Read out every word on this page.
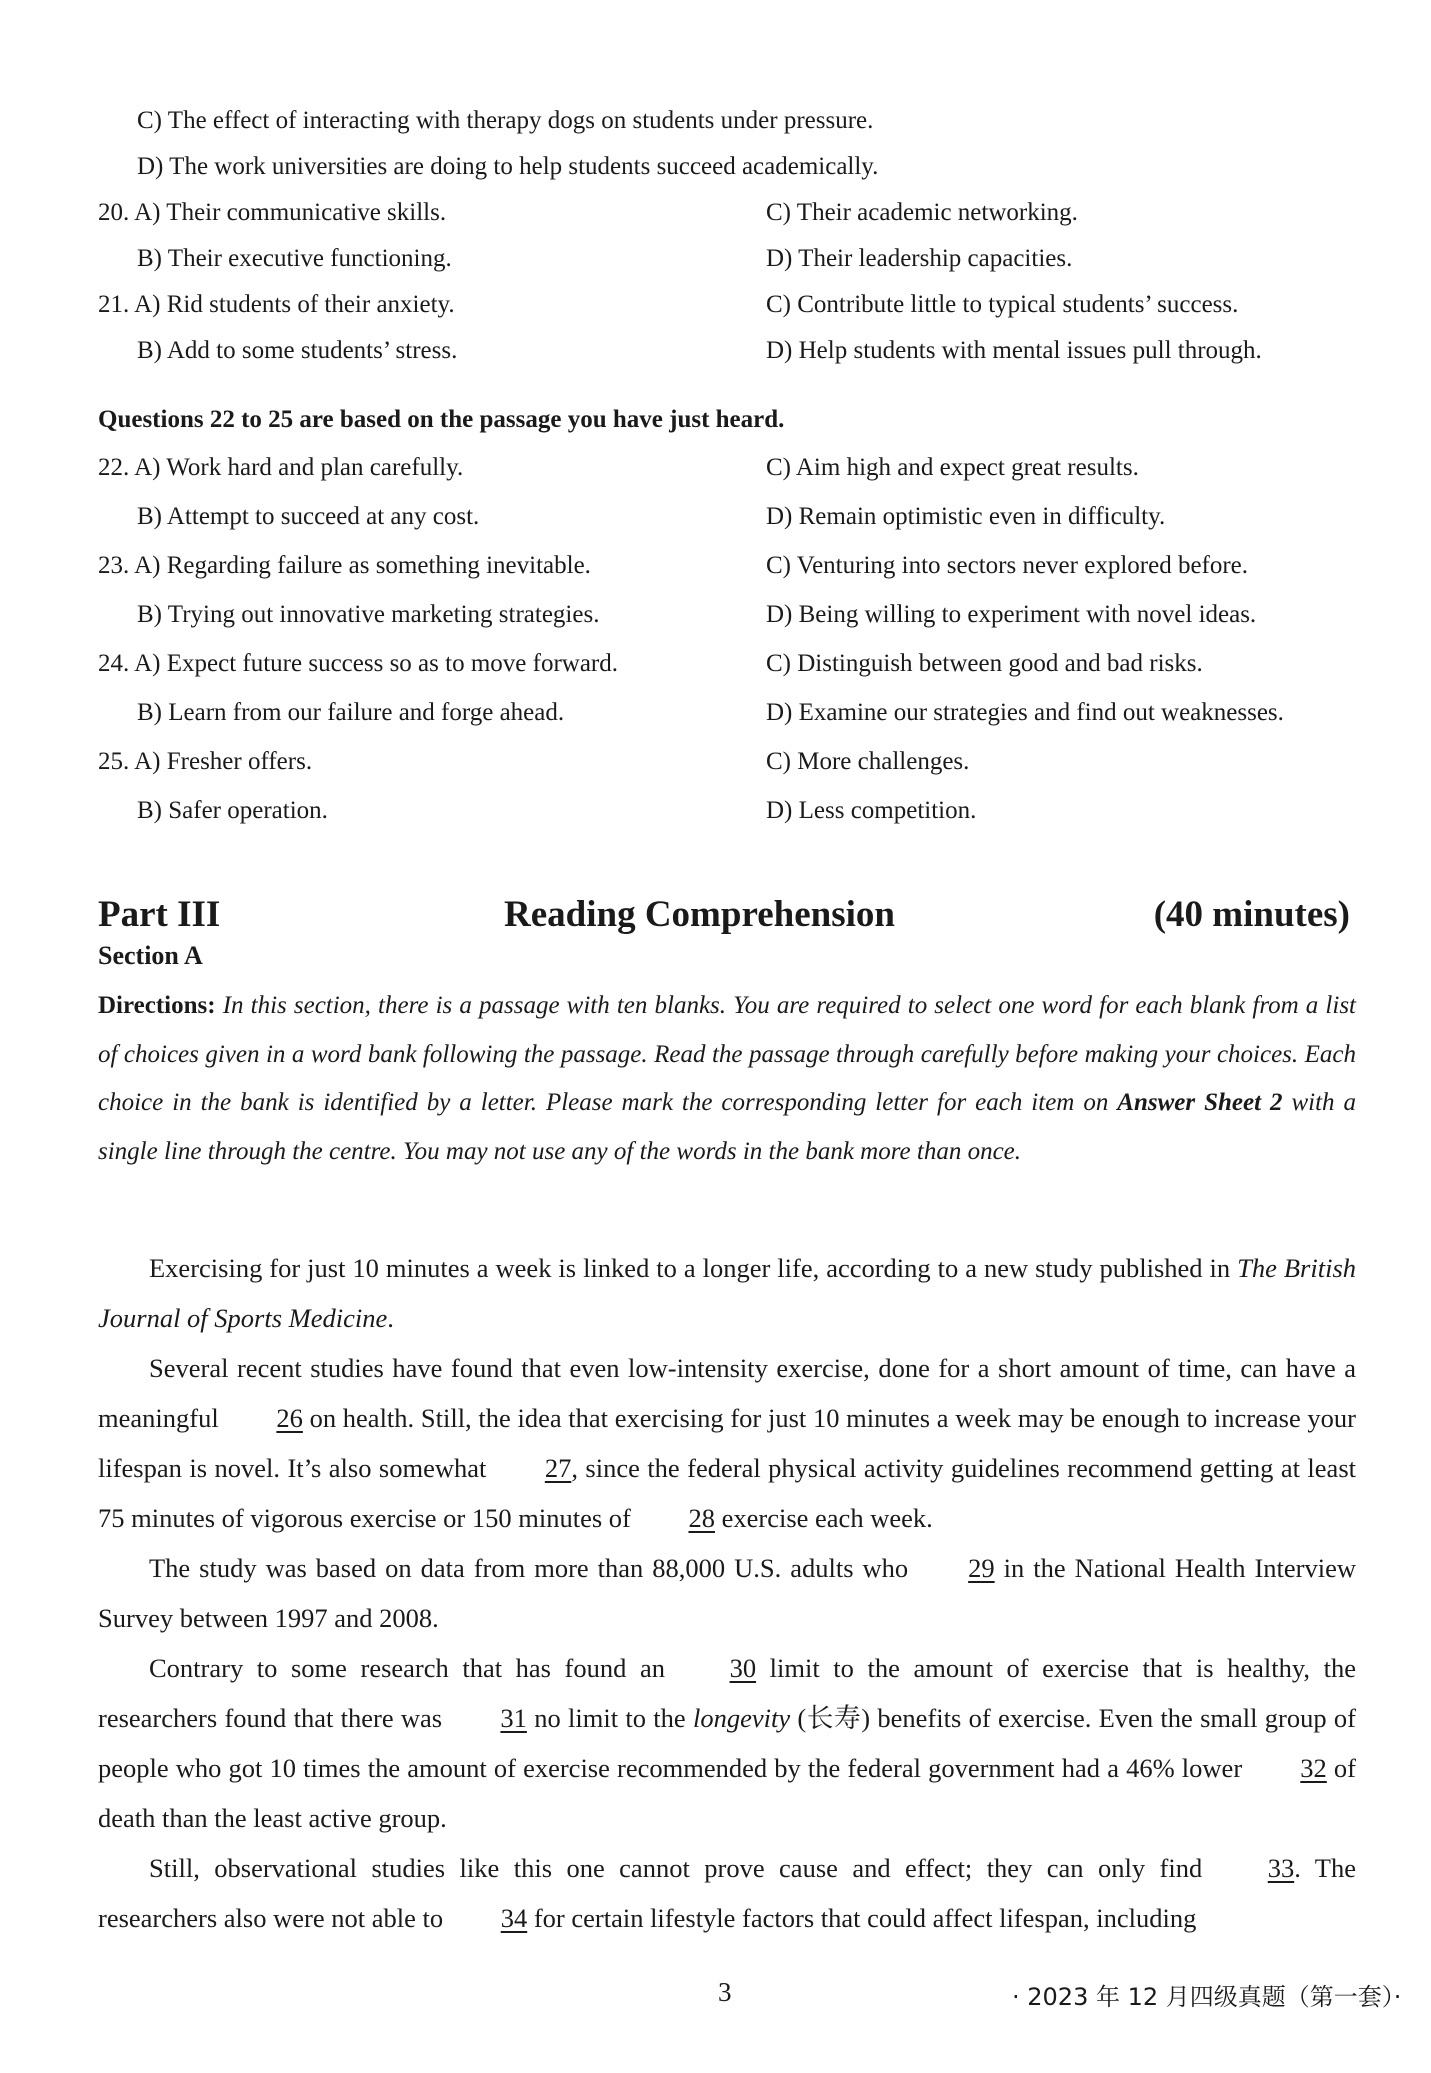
C) The effect of interacting with therapy dogs on students under pressure.
D) The work universities are doing to help students succeed academically.
20. A) Their communicative skills.	C) Their academic networking.
B) Their executive functioning.	D) Their leadership capacities.
21. A) Rid students of their anxiety.	C) Contribute little to typical students’ success.
B) Add to some students’ stress.	D) Help students with mental issues pull through.
Questions 22 to 25 are based on the passage you have just heard.
22. A) Work hard and plan carefully.	C) Aim high and expect great results.
B) Attempt to succeed at any cost.	D) Remain optimistic even in difficulty.
23. A) Regarding failure as something inevitable.	C) Venturing into sectors never explored before.
B) Trying out innovative marketing strategies.	D) Being willing to experiment with novel ideas.
24. A) Expect future success so as to move forward.	C) Distinguish between good and bad risks.
B) Learn from our failure and forge ahead.	D) Examine our strategies and find out weaknesses.
25. A) Fresher offers.	C) More challenges.
B) Safer operation.	D) Less competition.
Part III	Reading Comprehension	(40 minutes)
Section A
Directions: In this section, there is a passage with ten blanks. You are required to select one word for each blank from a list of choices given in a word bank following the passage. Read the passage through carefully before making your choices. Each choice in the bank is identified by a letter. Please mark the corresponding letter for each item on Answer Sheet 2 with a single line through the centre. You may not use any of the words in the bank more than once.

Exercising for just 10 minutes a week is linked to a longer life, according to a new study published in The British Journal of Sports Medicine.

Several recent studies have found that even low-intensity exercise, done for a short amount of time, can have a meaningful 26 on health. Still, the idea that exercising for just 10 minutes a week may be enough to increase your lifespan is novel. It’s also somewhat 27, since the federal physical activity guidelines recommend getting at least 75 minutes of vigorous exercise or 150 minutes of 28 exercise each week.

The study was based on data from more than 88,000 U.S. adults who 29 in the National Health Interview Survey between 1997 and 2008.

Contrary to some research that has found an 30 limit to the amount of exercise that is healthy, the researchers found that there was 31 no limit to the longevity (长寿) benefits of exercise. Even the small group of people who got 10 times the amount of exercise recommended by the federal government had a 46% lower 32 of death than the least active group.

Still, observational studies like this one cannot prove cause and effect; they can only find 33. The researchers also were not able to 34 for certain lifestyle factors that could affect lifespan, including

3	· 2023 年 12 月四级真题（第一套）·
